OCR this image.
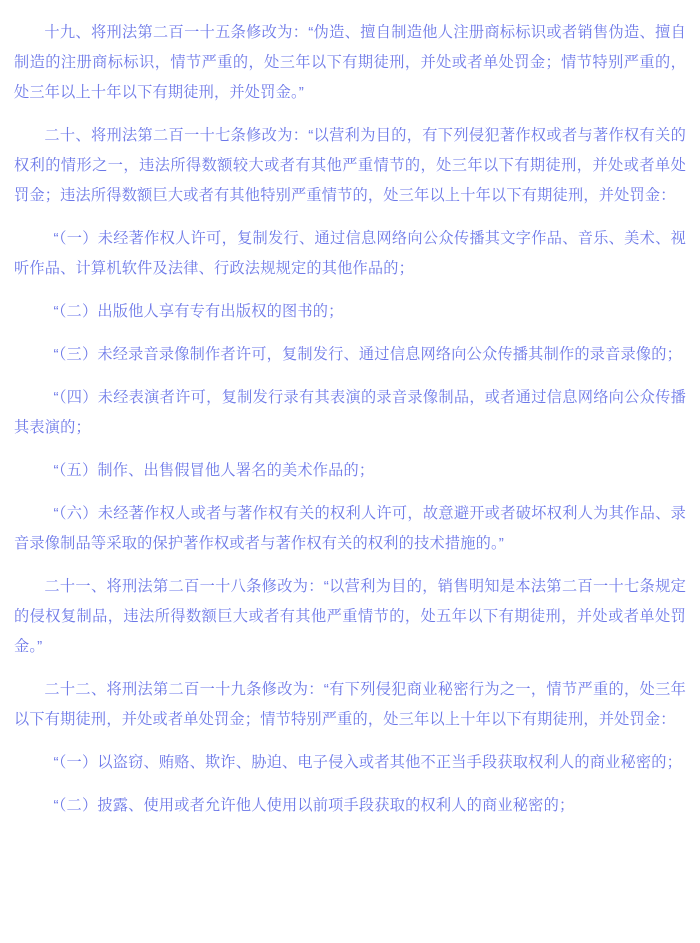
十九、将刑法第二百一十五条修改为：“伪造、擅自制造他人注册商标标识或者销售伪造、擅自制造的注册商标标识，情节严重的，处三年以下有期徒刑，并处或者单处罚金；情节特别严重的，处三年以上十年以下有期徒刑，并处罚金。”

二十、将刑法第二百一十七条修改为：“以营利为目的，有下列侵犯著作权或者与著作权有关的权利的情形之一，违法所得数额较大或者有其他严重情节的，处三年以下有期徒刑，并处或者单处罚金；违法所得数额巨大或者有其他特别严重情节的，处三年以上十年以下有期徒刑，并处罚金：

“（一）未经著作权人许可，复制发行、通过信息网络向公众传播其文字作品、音乐、美术、视听作品、计算机软件及法律、行政法规规定的其他作品的；

“（二）出版他人享有专有出版权的图书的；

“（三）未经录音录像制作者许可，复制发行、通过信息网络向公众传播其制作的录音录像的；

“（四）未经表演者许可，复制发行录有其表演的录音录像制品，或者通过信息网络向公众传播其表演的；

“（五）制作、出售假冒他人署名的美术作品的；

“（六）未经著作权人或者与著作权有关的权利人许可，故意避开或者破坏权利人为其作品、录音录像制品等采取的保护著作权或者与著作权有关的权利的技术措施的。”

二十一、将刑法第二百一十八条修改为：“以营利为目的，销售明知是本法第二百一十七条规定的侵权复制品，违法所得数额巨大或者有其他严重情节的，处五年以下有期徒刑，并处或者单处罚金。”

二十二、将刑法第二百一十九条修改为：“有下列侵犯商业秘密行为之一，情节严重的，处三年以下有期徒刑，并处或者单处罚金；情节特别严重的，处三年以上十年以下有期徒刑，并处罚金：

“（一）以盗窃、贿赂、欺诈、胁迫、电子侵入或者其他不正当手段获取权利人的商业秘密的；

“（二）披露、使用或者允许他人使用以前项手段获取的权利人的商业秘密的；
